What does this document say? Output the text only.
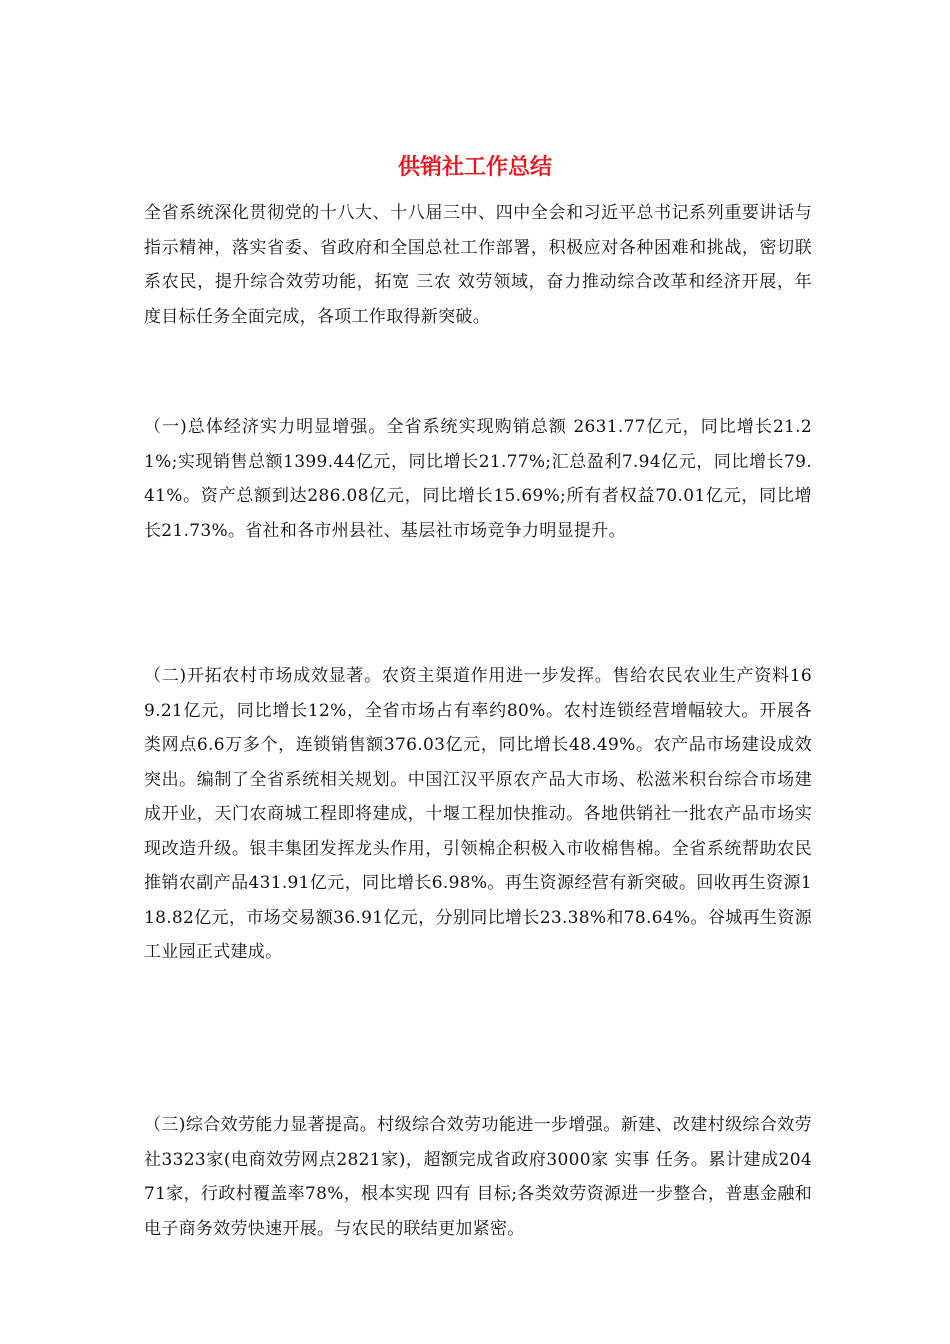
供销社工作总结

全省系统深化贯彻党的十八大、十八届三中、四中全会和习近平总书记系列重要讲话与指示精神，落实省委、省政府和全国总社工作部署，积极应对各种困难和挑战，密切联系农民，提升综合效劳功能，拓宽 三农 效劳领域，奋力推动综合改革和经济开展，年度目标任务全面完成，各项工作取得新突破。

（一)总体经济实力明显增强。全省系统实现购销总额 2631.77亿元，同比增长21.21%;实现销售总额1399.44亿元，同比增长21.77%;汇总盈利7.94亿元，同比增长79.41%。资产总额到达286.08亿元，同比增长15.69%;所有者权益70.01亿元，同比增长21.73%。省社和各市州县社、基层社市场竞争力明显提升。

（二)开拓农村市场成效显著。农资主渠道作用进一步发挥。售给农民农业生产资料169.21亿元，同比增长12%，全省市场占有率约80%。农村连锁经营增幅较大。开展各类网点6.6万多个，连锁销售额376.03亿元，同比增长48.49%。农产品市场建设成效突出。编制了全省系统相关规划。中国江汉平原农产品大市场、松滋米积台综合市场建成开业，天门农商城工程即将建成，十堰工程加快推动。各地供销社一批农产品市场实现改造升级。银丰集团发挥龙头作用，引领棉企积极入市收棉售棉。全省系统帮助农民推销农副产品431.91亿元，同比增长6.98%。再生资源经营有新突破。回收再生资源118.82亿元，市场交易额36.91亿元，分别同比增长23.38%和78.64%。谷城再生资源工业园正式建成。

（三)综合效劳能力显著提高。村级综合效劳功能进一步增强。新建、改建村级综合效劳社3323家(电商效劳网点2821家)，超额完成省政府3000家 实事 任务。累计建成20471家，行政村覆盖率78%，根本实现 四有 目标;各类效劳资源进一步整合，普惠金融和电子商务效劳快速开展。与农民的联结更加紧密。
